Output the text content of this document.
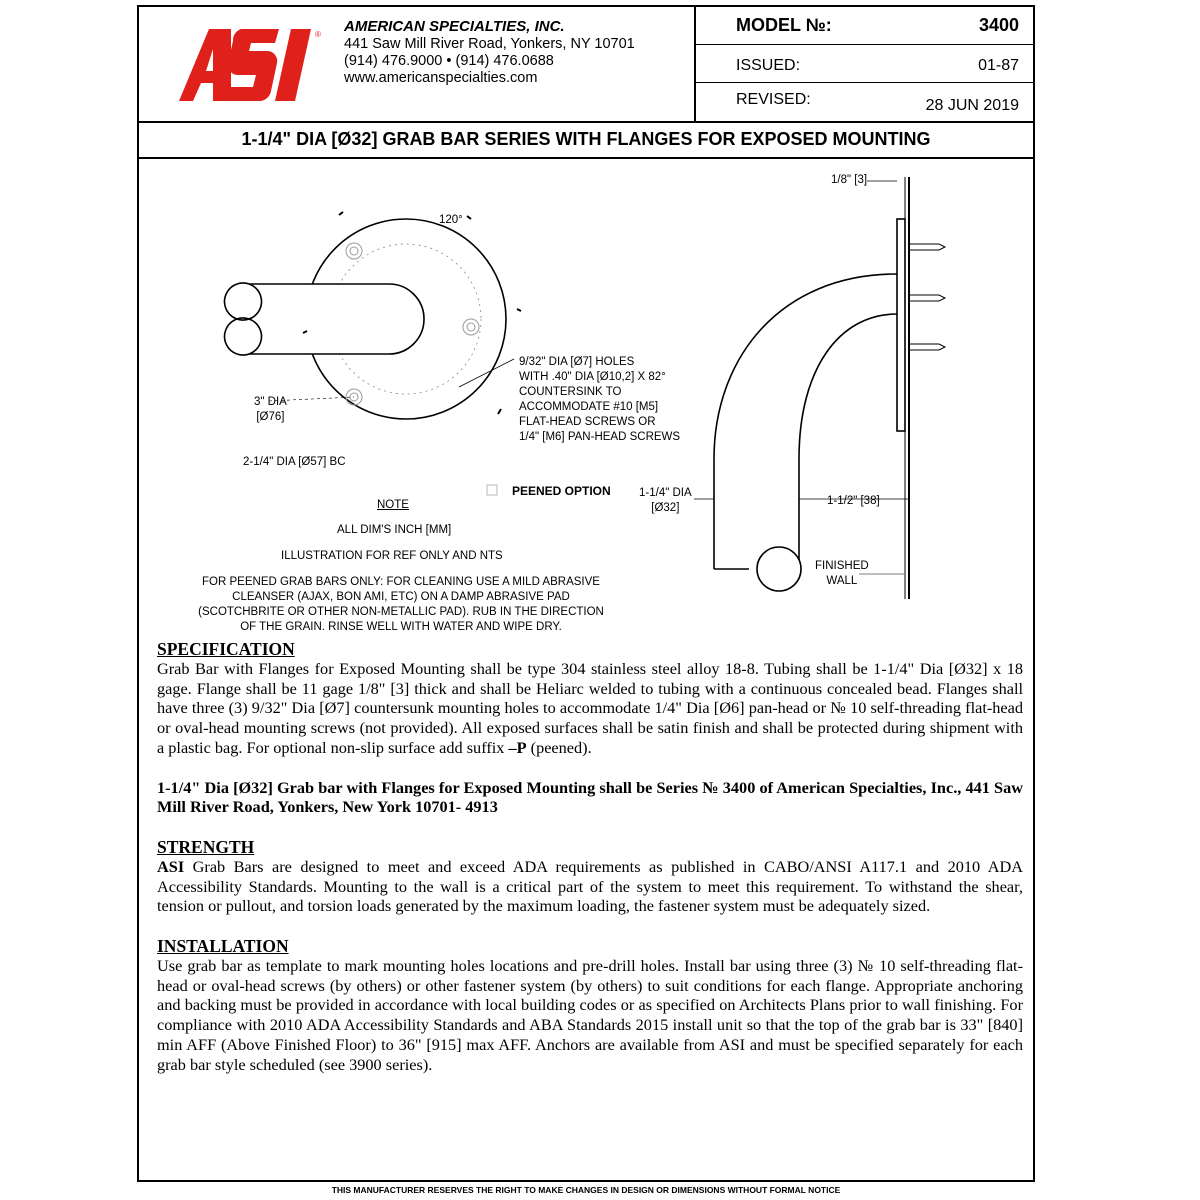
® AMERICAN SPECIALTIES, INC.
441 Saw Mill River Road, Yonkers, NY 10701
(914) 476.9000 • (914) 476.0688
www.americanspecialties.com
MODEL №:	3400
ISSUED:	01-87
REVISED:	28 JUN 2019
1-1/4" DIA [Ø32] GRAB BAR SERIES WITH FLANGES FOR EXPOSED MOUNTING
120°
3" DIA
[Ø76]
2-1/4" DIA [Ø57] BC
9/32" DIA [Ø7] HOLES
WITH .40" DIA [Ø10,2] X 82°
COUNTERSINK TO
ACCOMMODATE #10 [M5]
FLAT-HEAD SCREWS OR
1/4" [M6] PAN-HEAD SCREWS
PEENED OPTION
NOTE
ALL DIM'S INCH [MM]
ILLUSTRATION FOR REF ONLY AND NTS
FOR PEENED GRAB BARS ONLY: FOR CLEANING USE A MILD ABRASIVE
CLEANSER (AJAX, BON AMI, ETC) ON A DAMP ABRASIVE PAD
(SCOTCHBRITE OR OTHER NON-METALLIC PAD). RUB IN THE DIRECTION
OF THE GRAIN. RINSE WELL WITH WATER AND WIPE DRY.
1/8" [3]
1-1/4" DIA
[Ø32]
1-1/2" [38]
FINISHED
WALL
SPECIFICATION

Grab Bar with Flanges for Exposed Mounting shall be type 304 stainless steel alloy 18-8. Tubing shall be 1-1/4" Dia [Ø32] x 18 gage. Flange shall be 11 gage 1/8" [3] thick and shall be Heliarc welded to tubing with a continuous concealed bead. Flanges shall have three (3) 9/32" Dia [Ø7] countersunk mounting holes to accommodate 1/4" Dia [Ø6] pan-head or № 10 self-threading flat-head or oval-head mounting screws (not provided). All exposed surfaces shall be satin finish and shall be protected during shipment with a plastic bag. For optional non-slip surface add suffix –P (peened).

1-1/4" Dia [Ø32] Grab bar with Flanges for Exposed Mounting shall be Series № 3400 of American Specialties, Inc., 441 Saw Mill River Road, Yonkers, New York 10701- 4913

STRENGTH

ASI Grab Bars are designed to meet and exceed ADA requirements as published in CABO/ANSI A117.1 and 2010 ADA Accessibility Standards. Mounting to the wall is a critical part of the system to meet this requirement. To withstand the shear, tension or pullout, and torsion loads generated by the maximum loading, the fastener system must be adequately sized.

INSTALLATION

Use grab bar as template to mark mounting holes locations and pre-drill holes. Install bar using three (3) № 10 self-threading flat-head or oval-head screws (by others) or other fastener system (by others) to suit conditions for each flange. Appropriate anchoring and backing must be provided in accordance with local building codes or as specified on Architects Plans prior to wall finishing. For compliance with 2010 ADA Accessibility Standards and ABA Standards 2015 install unit so that the top of the grab bar is 33" [840] min AFF (Above Finished Floor) to 36" [915] max AFF. Anchors are available from ASI and must be specified separately for each grab bar style scheduled (see 3900 series).

THIS MANUFACTURER RESERVES THE RIGHT TO MAKE CHANGES IN DESIGN OR DIMENSIONS WITHOUT FORMAL NOTICE
